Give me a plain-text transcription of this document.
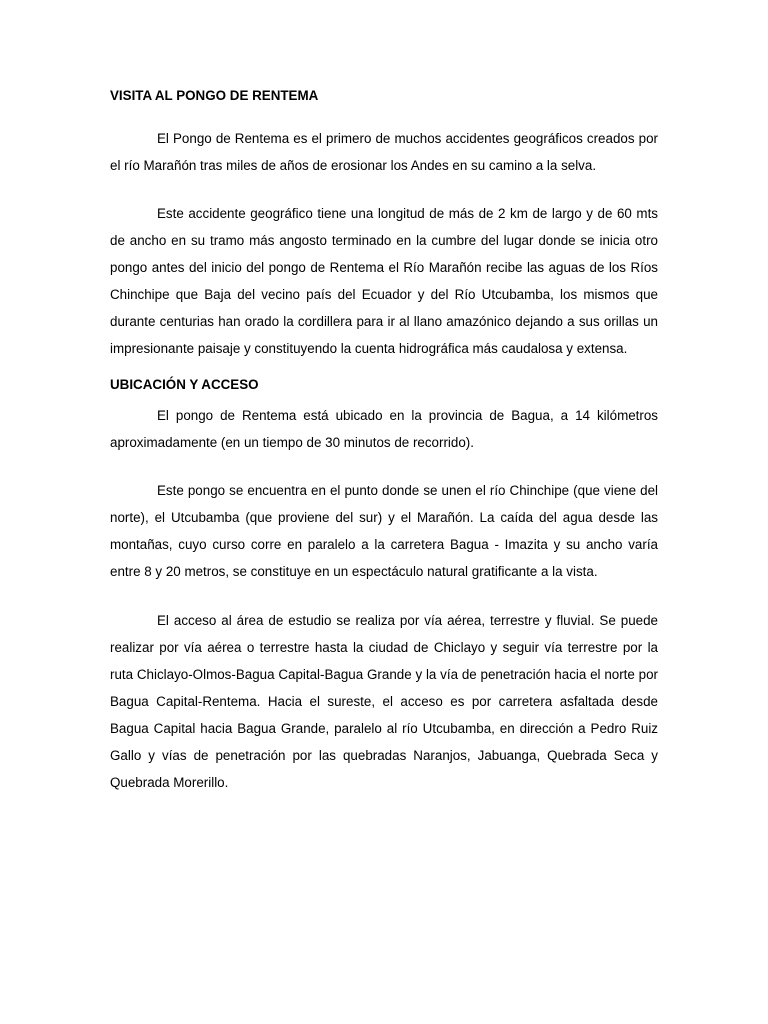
VISITA AL PONGO DE RENTEMA

El Pongo de Rentema es el primero de muchos accidentes geográficos creados por el río Marañón tras miles de años de erosionar los Andes en su camino a la selva.

Este accidente geográfico tiene una longitud de más de 2 km de largo y de 60 mts de ancho en su tramo más angosto terminado en la cumbre del lugar donde se inicia otro pongo antes del inicio del pongo de Rentema el Río Marañón recibe las aguas de los Ríos Chinchipe que Baja del vecino país del Ecuador y del Río Utcubamba, los mismos que durante centurias han orado la cordillera para ir al llano amazónico dejando a sus orillas un impresionante paisaje y constituyendo la cuenta hidrográfica más caudalosa y extensa.

UBICACIÓN Y ACCESO

El pongo de Rentema está ubicado en la provincia de Bagua, a 14 kilómetros aproximadamente (en un tiempo de 30 minutos de recorrido).

Este pongo se encuentra en el punto donde se unen el río Chinchipe (que viene del norte), el Utcubamba (que proviene del sur) y el Marañón. La caída del agua desde las montañas, cuyo curso corre en paralelo a la carretera Bagua - Imazita y su ancho varía entre 8 y 20 metros, se constituye en un espectáculo natural gratificante a la vista.

El acceso al área de estudio se realiza por vía aérea, terrestre y fluvial. Se puede realizar por vía aérea o terrestre hasta la ciudad de Chiclayo y seguir vía terrestre por la ruta Chiclayo-Olmos-Bagua Capital-Bagua Grande y la vía de penetración hacia el norte por Bagua Capital-Rentema. Hacia el sureste, el acceso es por carretera asfaltada desde Bagua Capital hacia Bagua Grande, paralelo al río Utcubamba, en dirección a Pedro Ruiz Gallo y vías de penetración por las quebradas Naranjos, Jabuanga, Quebrada Seca y Quebrada Morerillo.
